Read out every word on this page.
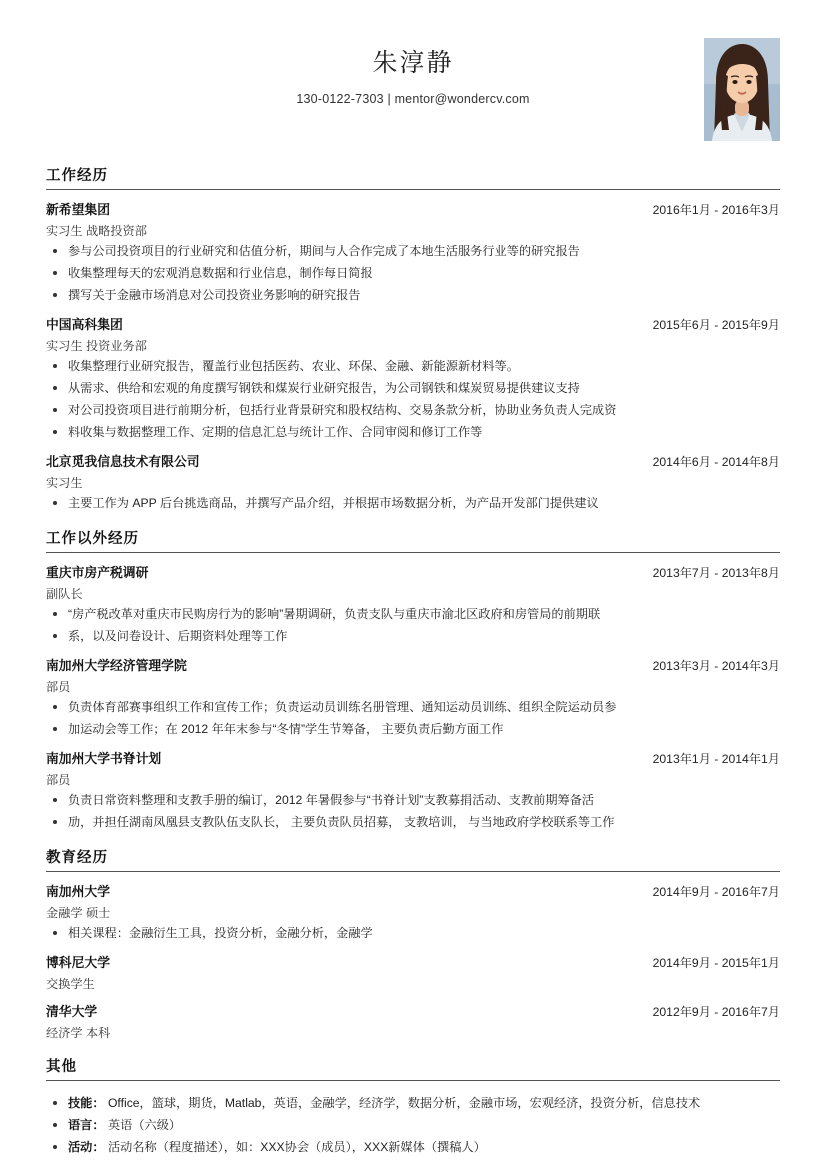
朱淳静
130-0122-7303 | mentor@wondercv.com
工作经历
新希望集团	2016年1月 - 2016年3月
实习生 战略投资部
参与公司投资项目的行业研究和估值分析，期间与人合作完成了本地生活服务行业等的研究报告
收集整理每天的宏观消息数据和行业信息，制作每日简报
撰写关于金融市场消息对公司投资业务影响的研究报告
中国高科集团	2015年6月 - 2015年9月
实习生 投资业务部
收集整理行业研究报告，覆盖行业包括医药、农业、环保、金融、新能源新材料等。
从需求、供给和宏观的角度撰写钢铁和煤炭行业研究报告，为公司钢铁和煤炭贸易提供建议支持
对公司投资项目进行前期分析，包括行业背景研究和股权结构、交易条款分析，协助业务负责人完成资
料收集与数据整理工作、定期的信息汇总与统计工作、合同审阅和修订工作等
北京觅我信息技术有限公司	2014年6月 - 2014年8月
实习生
主要工作为 APP 后台挑选商品，并撰写产品介绍，并根据市场数据分析，为产品开发部门提供建议
工作以外经历
重庆市房产税调研	2013年7月 - 2013年8月
副队长
“房产税改革对重庆市民购房行为的影响”暑期调研，负责支队与重庆市渝北区政府和房管局的前期联
系，以及问卷设计、后期资料处理等工作
南加州大学经济管理学院	2013年3月 - 2014年3月
部员
负责体育部赛事组织工作和宣传工作；负责运动员训练名册管理、通知运动员训练、组织全院运动员参
加运动会等工作；在 2012 年年末参与“冬情”学生节筹备， 主要负责后勤方面工作
南加州大学书脊计划	2013年1月 - 2014年1月
部员
负责日常资料整理和支教手册的编订，2012 年暑假参与“书脊计划”支教募捐活动、支教前期筹备活
劢，并担任湖南凤凰县支教队伍支队长， 主要负责队员招募， 支教培训， 与当地政府学校联系等工作
教育经历
南加州大学	2014年9月 - 2016年7月
金融学 硕士
相关课程：金融衍生工具，投资分析，金融分析，金融学
博科尼大学	2014年9月 - 2015年1月
交换学生
清华大学	2012年9月 - 2016年7月
经济学 本科
其他
技能： Office，篮球，期货，Matlab，英语，金融学，经济学，数据分析，金融市场，宏观经济，投资分析，信息技术
语言： 英语（六级）
活动： 活动名称（程度描述），如：XXX协会（成员），XXX新媒体（撰稿人）
